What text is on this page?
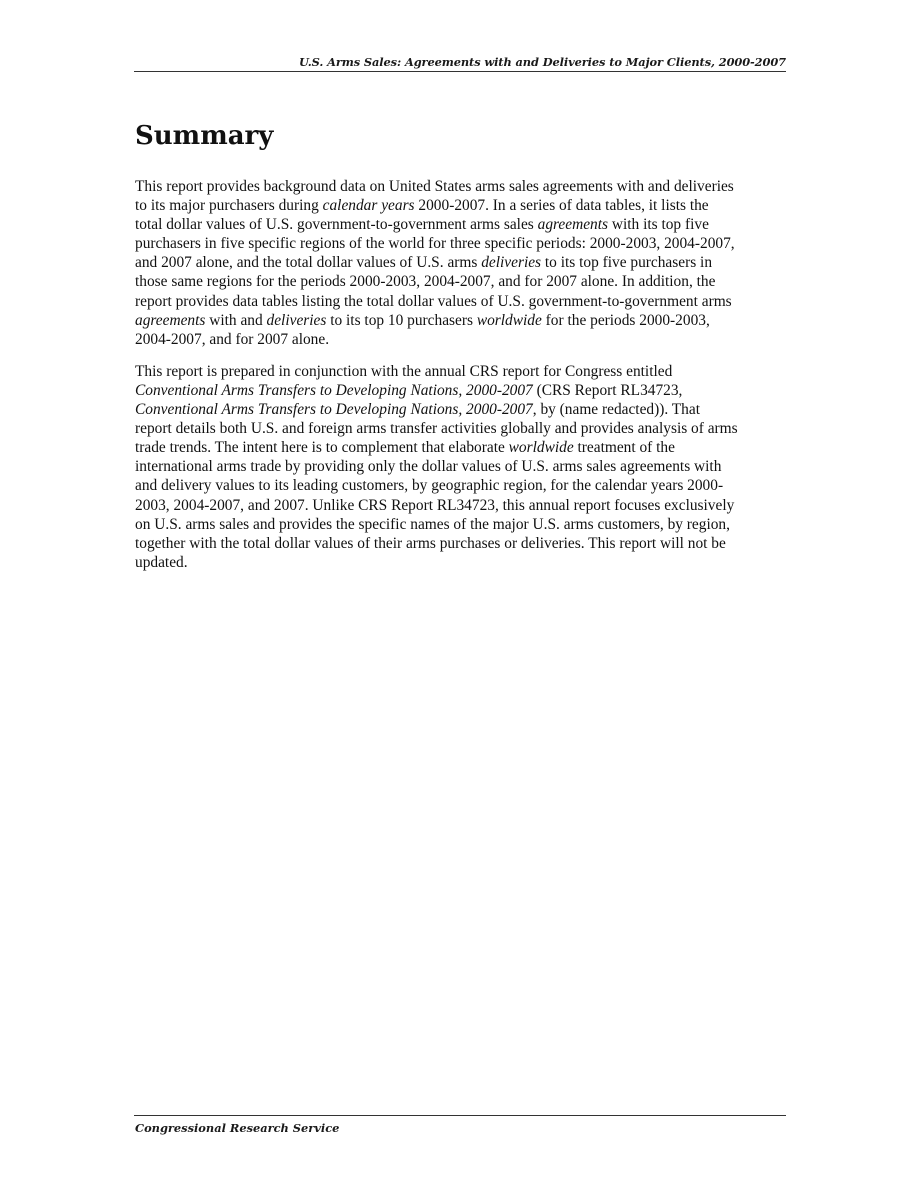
U.S. Arms Sales: Agreements with and Deliveries to Major Clients, 2000-2007
Summary

This report provides background data on United States arms sales agreements with and deliveries
to its major purchasers during calendar years 2000-2007. In a series of data tables, it lists the
total dollar values of U.S. government-to-government arms sales agreements with its top five
purchasers in five specific regions of the world for three specific periods: 2000-2003, 2004-2007,
and 2007 alone, and the total dollar values of U.S. arms deliveries to its top five purchasers in
those same regions for the periods 2000-2003, 2004-2007, and for 2007 alone. In addition, the
report provides data tables listing the total dollar values of U.S. government-to-government arms
agreements with and deliveries to its top 10 purchasers worldwide for the periods 2000-2003,
2004-2007, and for 2007 alone.

This report is prepared in conjunction with the annual CRS report for Congress entitled
Conventional Arms Transfers to Developing Nations, 2000-2007 (CRS Report RL34723,
Conventional Arms Transfers to Developing Nations, 2000-2007, by (name redacted)). That
report details both U.S. and foreign arms transfer activities globally and provides analysis of arms
trade trends. The intent here is to complement that elaborate worldwide treatment of the
international arms trade by providing only the dollar values of U.S. arms sales agreements with
and delivery values to its leading customers, by geographic region, for the calendar years 2000-
2003, 2004-2007, and 2007. Unlike CRS Report RL34723, this annual report focuses exclusively
on U.S. arms sales and provides the specific names of the major U.S. arms customers, by region,
together with the total dollar values of their arms purchases or deliveries. This report will not be
updated.

Congressional Research Service
